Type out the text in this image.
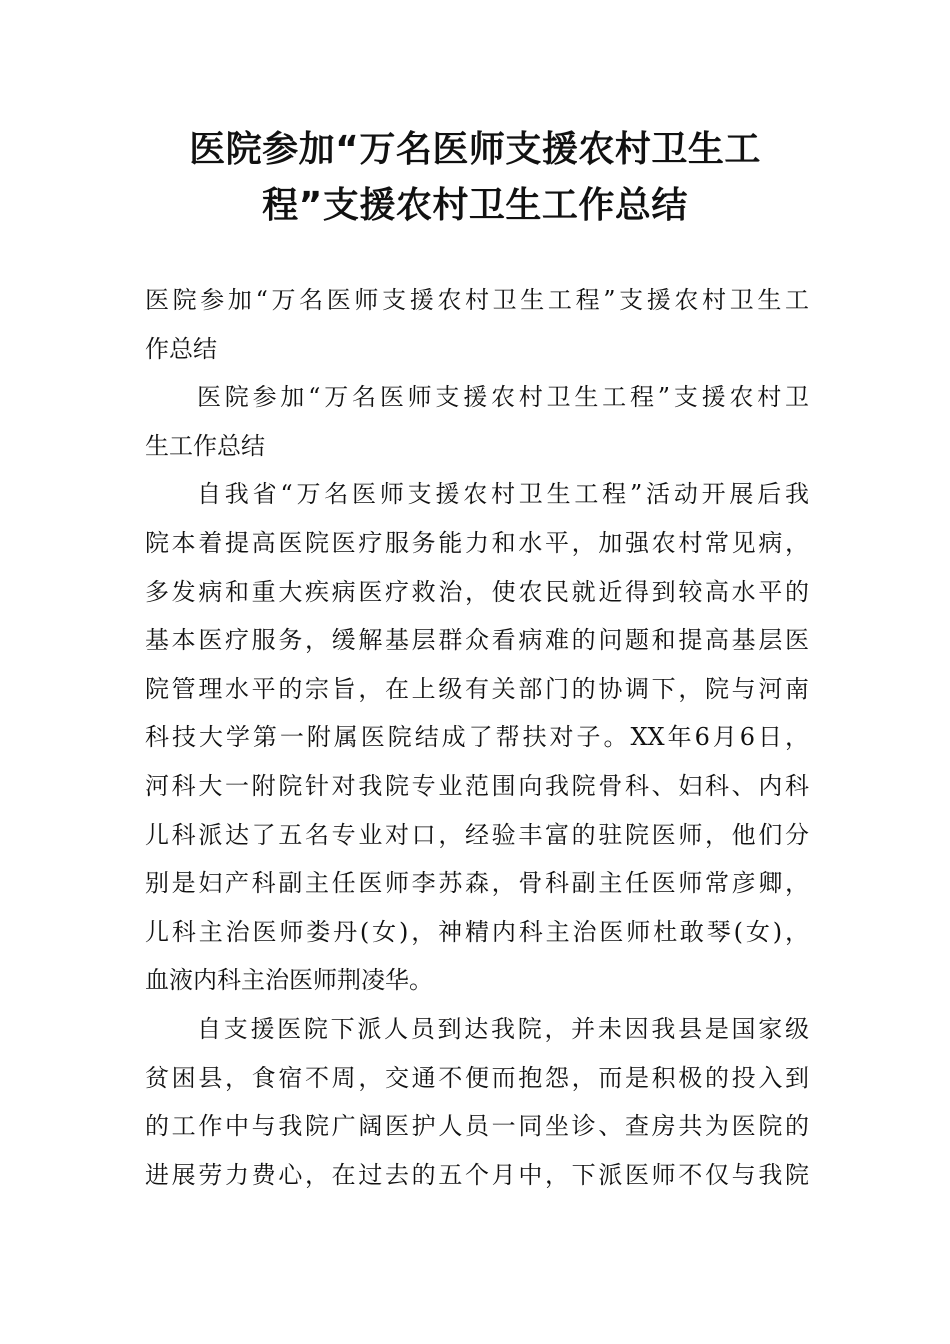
医院参加“万名医师支援农村卫生工
程”支援农村卫生工作总结

医院参加“万名医师支援农村卫生工程”支援农村卫生工
作总结

医院参加“万名医师支援农村卫生工程”支援农村卫
生工作总结

自我省“万名医师支援农村卫生工程”活动开展后我
院本着提高医院医疗服务能力和水平，加强农村常见病，
多发病和重大疾病医疗救治，使农民就近得到较高水平的
基本医疗服务，缓解基层群众看病难的问题和提高基层医
院管理水平的宗旨，在上级有关部门的协调下，院与河南
科技大学第一附属医院结成了帮扶对子。XX年6月6日，
河科大一附院针对我院专业范围向我院骨科、妇科、内科
儿科派达了五名专业对口，经验丰富的驻院医师，他们分
别是妇产科副主任医师李苏森，骨科副主任医师常彦卿，
儿科主治医师娄丹(女)，神精内科主治医师杜敢琴(女)，
血液内科主治医师荆凌华。

自支援医院下派人员到达我院，并未因我县是国家级
贫困县，食宿不周，交通不便而抱怨，而是积极的投入到
的工作中与我院广阔医护人员一同坐诊、查房共为医院的
进展劳力费心，在过去的五个月中，下派医师不仅与我院
